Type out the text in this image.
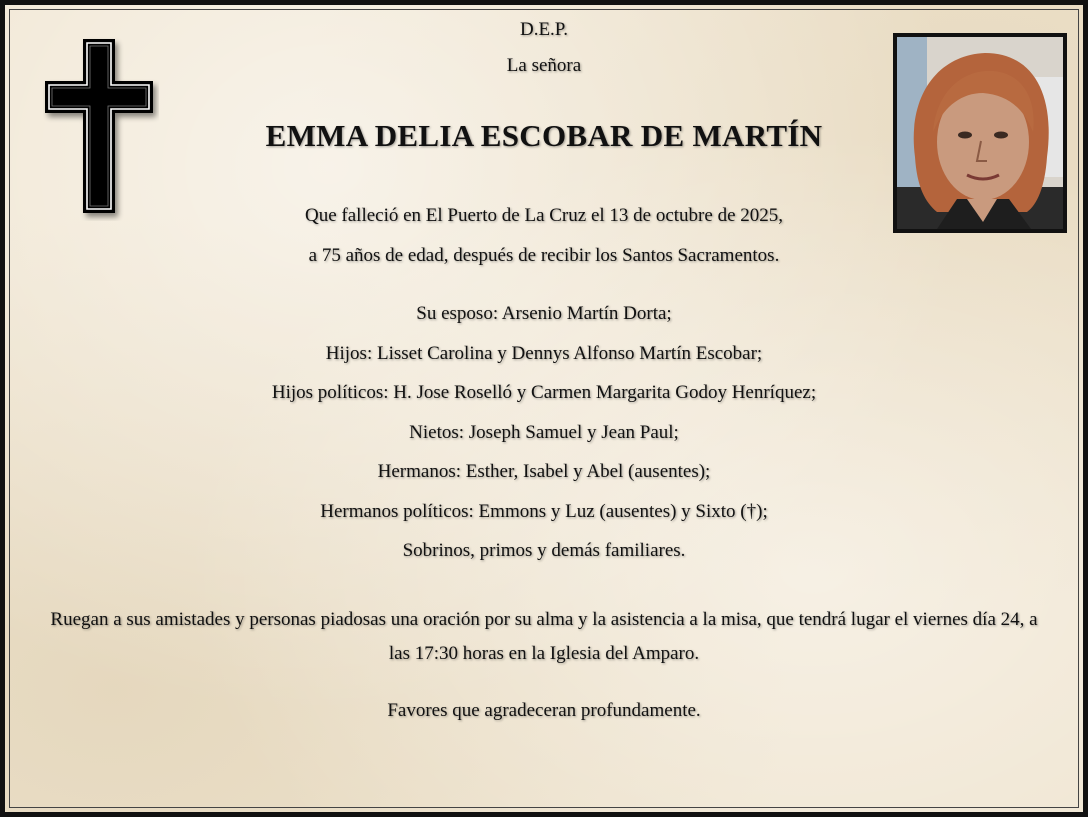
D.E.P.
La señora
EMMA DELIA ESCOBAR DE MARTÍN
Que falleció en El Puerto de La Cruz el 13 de octubre de 2025,
a 75 años de edad, después de recibir los Santos Sacramentos.
Su esposo: Arsenio Martín Dorta;
Hijos: Lisset Carolina y Dennys Alfonso Martín Escobar;
Hijos políticos: H. Jose Roselló y Carmen Margarita Godoy Henríquez;
Nietos: Joseph Samuel y Jean Paul;
Hermanos: Esther, Isabel y Abel (ausentes);
Hermanos políticos: Emmons y Luz (ausentes) y Sixto (†);
Sobrinos, primos y demás familiares.
Ruegan a sus amistades y personas piadosas una oración por su alma y la asistencia a la misa, que tendrá lugar el viernes día 24, a las 17:30 horas en la Iglesia del Amparo.
Favores que agradeceran profundamente.
